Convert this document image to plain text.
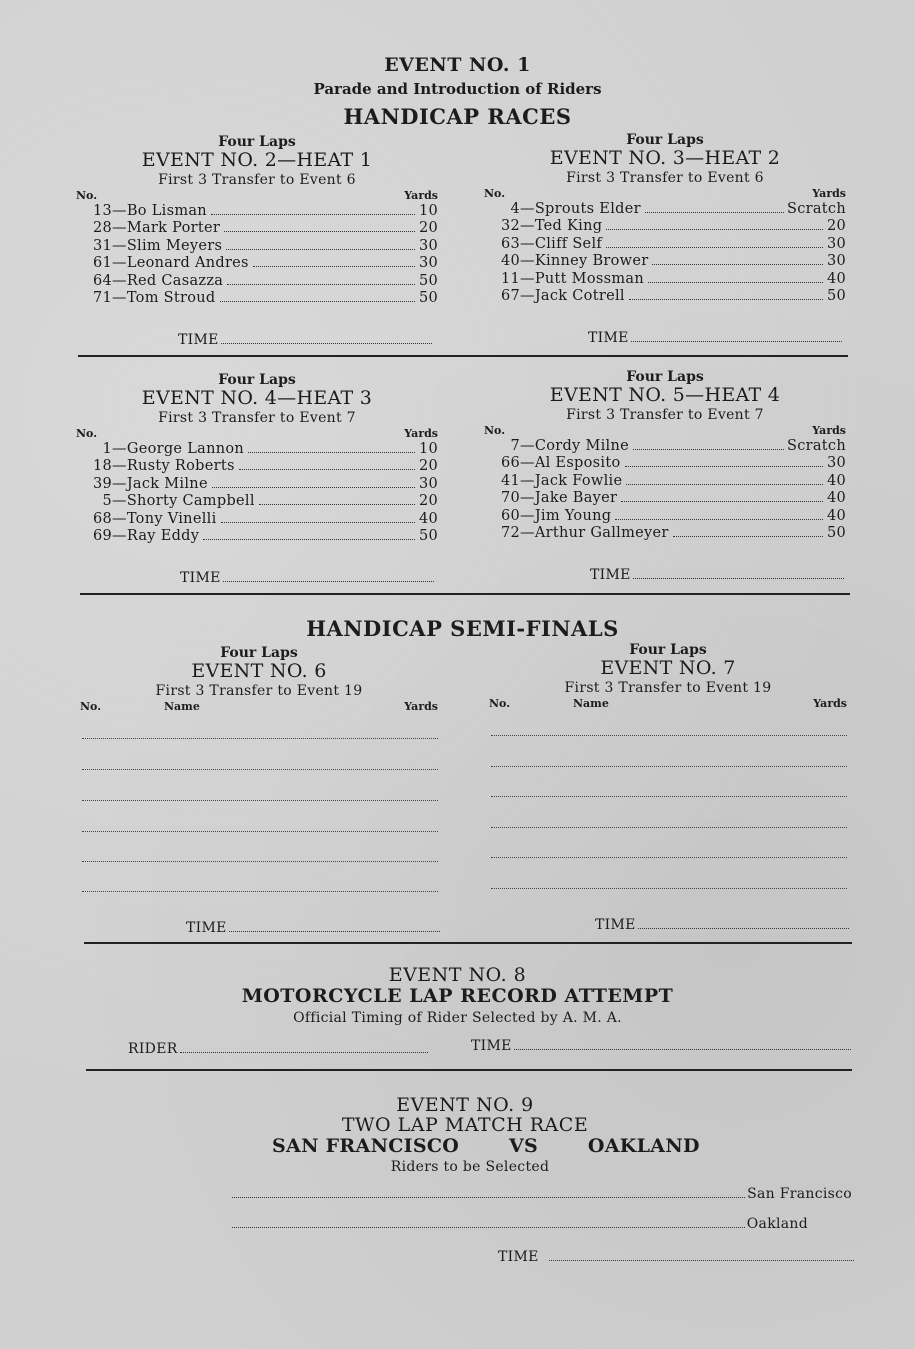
EVENT NO. 1
Parade and Introduction of Riders
HANDICAP RACES
Four Laps
EVENT NO. 2—HEAT 1
First 3 Transfer to Event 6
No.	Yards
13 — Bo Lisman	10
28 — Mark Porter	20
31 — Slim Meyers	30
61 — Leonard Andres	30
64 — Red Casazza	50
71 — Tom Stroud	50
Four Laps
EVENT NO. 3—HEAT 2
First 3 Transfer to Event 6
No.	Yards
4 — Sprouts Elder	Scratch
32 — Ted King	20
63 — Cliff Self	30
40 — Kinney Brower	30
11 — Putt Mossman	40
67 — Jack Cotrell	50
TIME	TIME
Four Laps
EVENT NO. 4—HEAT 3
First 3 Transfer to Event 7
No.	Yards
1 — George Lannon	10
18 — Rusty Roberts	20
39 — Jack Milne	30
5 — Shorty Campbell	20
68 — Tony Vinelli	40
69 — Ray Eddy	50
Four Laps
EVENT NO. 5—HEAT 4
First 3 Transfer to Event 7
No.	Yards
7 — Cordy Milne	Scratch
66 — Al Esposito	30
41 — Jack Fowlie	40
70 — Jake Bayer	40
60 — Jim Young	40
72 — Arthur Gallmeyer	50
TIME	TIME
HANDICAP SEMI-FINALS
Four Laps
EVENT NO. 6
First 3 Transfer to Event 19
No.	Name	Yards
Four Laps
EVENT NO. 7
First 3 Transfer to Event 19
No.	Name	Yards
TIME	TIME
EVENT NO. 8
MOTORCYCLE LAP RECORD ATTEMPT
Official Timing of Rider Selected by A. M. A.
RIDER	TIME
EVENT NO. 9
TWO LAP MATCH RACE
SAN FRANCISCO	VS	OAKLAND
Riders to be Selected
San Francisco
Oakland
TIME
